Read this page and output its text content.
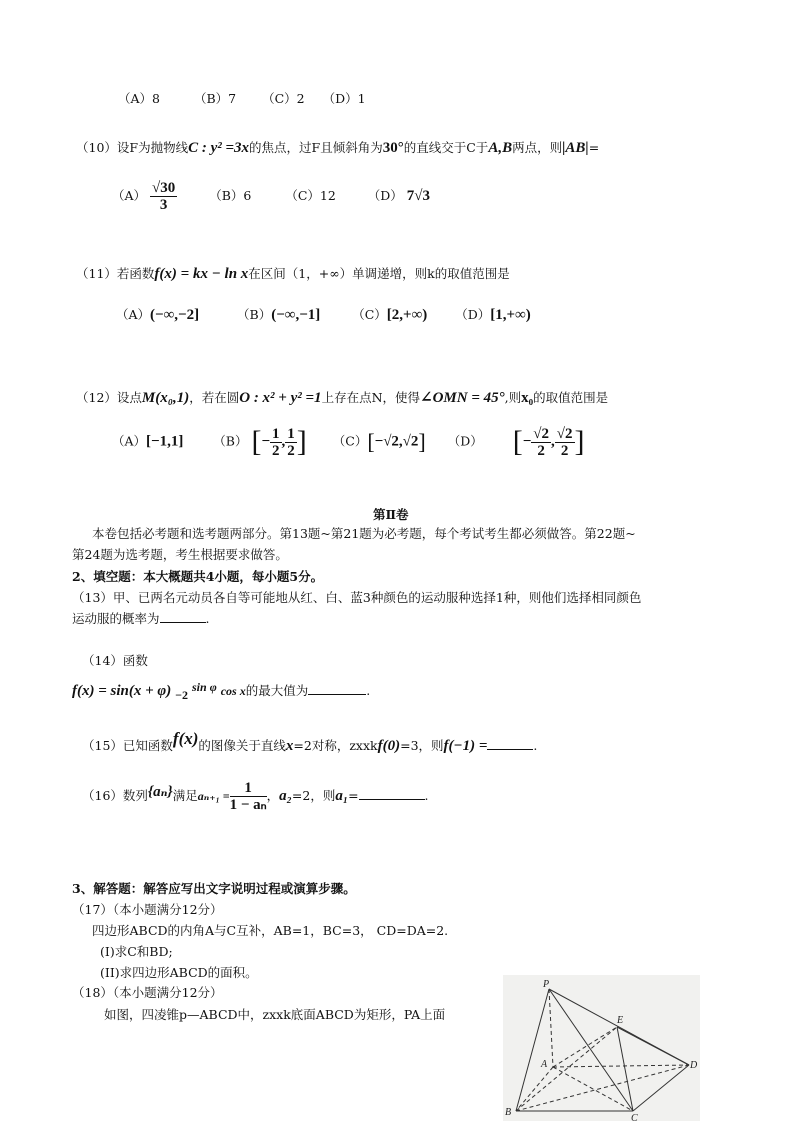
（A）8	（B）7 （C）2 （D）1
（10）设F为抛物线C : y² =3x的焦点，过F且倾斜角为30°的直线交于C于A,B两点，则|AB|=
$(A) \frac{√30}{3}$	（B）6	（C）12	（D） 7√3
（11）若函数f(x) = kx − ln x在区间（1，+∞）单调递增，则k的取值范围是
（A）(−∞,−2]	（B）(−∞,−1]	（C）[2,+∞) （D）[1,+∞)
（12）设点M(x₀,1)，若在圆O : x² + y² =1上存在点N，使得∠OMN = 45°,则x₀的取值范围是
（A）[−1,1] （B） [− $\frac{1}{2}$ , $\frac{1}{2}$ ] （C）[−√2,√2] （D） [− $\frac{√2}{2}$ , $\frac{√2}{2}$ ]
第Ⅱ卷
本卷包括必考题和选考题两部分。第13题~第21题为必考题，每个考试考生都必须做答。第22题~
第24题为选考题，考生根据要求做答。
2、填空题：本大概题共4小题，每小题5分。
（13）甲、已两名元动员各自等可能地从红、白、蓝3种颜色的运动服种选择1种，则他们选择相同颜色
运动服的概率为	.
（14）函数
f(x) = sin(x + φ) −2 sin φ cos x的最大值为	.
（15）已知函数f(x)的图像关于直线x=2对称，zxxkf(0)=3，则f(−1) =	.
（16）数列{aₙ}满足$a_{n+1} = \frac{1}{\text{1 − aₙ}}$ ，a₂=2，则a₁=	.
3、解答题：解答应写出文字说明过程或演算步骤。
（17）（本小题满分12分）
四边形ABCD的内角A与C互补，AB=1，BC=3， CD=DA=2.
(I)求C和BD;
(II)求四边形ABCD的面积。
（18）（本小题满分12分）
如图，四凌锥p—ABCD中，zxxk底面ABCD为矩形，PA上面
P
E
A	D
B
C
